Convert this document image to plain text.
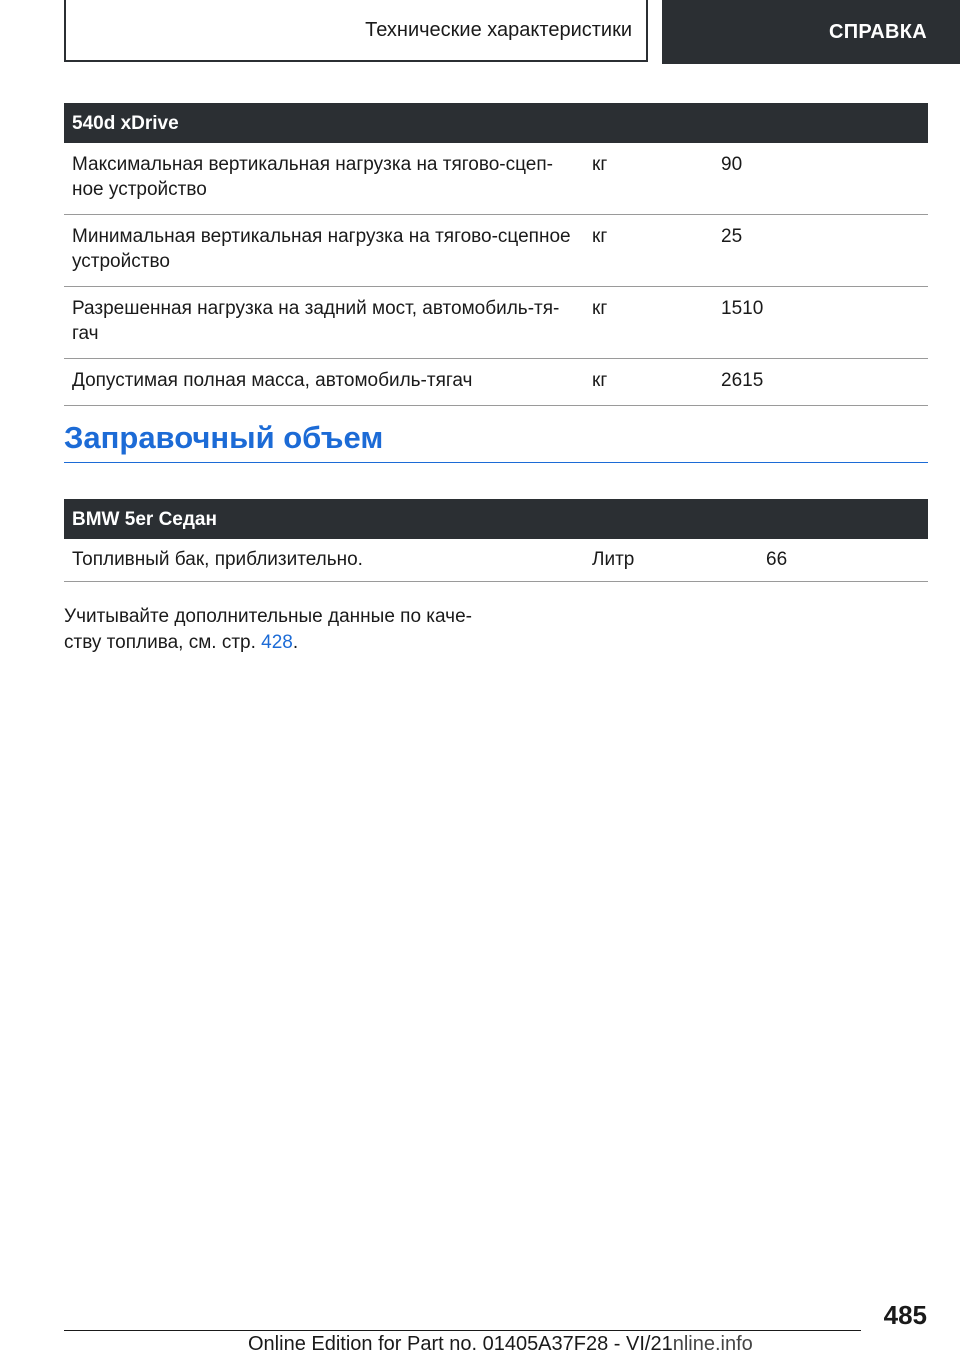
Технические характеристики	СПРАВКА
540d xDrive		
Максимальная вертикальная нагрузка на тягово-сцеп-
ное устройство	кг	90
Минимальная вертикальная нагрузка на тягово-сцепное
устройство	кг	25
Разрешенная нагрузка на задний мост, автомобиль-тя-
гач	кг	1510
Допустимая полная масса, автомобиль-тягач	кг	2615
Заправочный объем
BMW 5er Седан
Топливный бак, приблизительно.	Литр	66
Учитывайте дополнительные данные по каче-
ству топлива, см. стр. 428.
485
Online Edition for Part no. 01405A37F28 - VI/21nline.info
